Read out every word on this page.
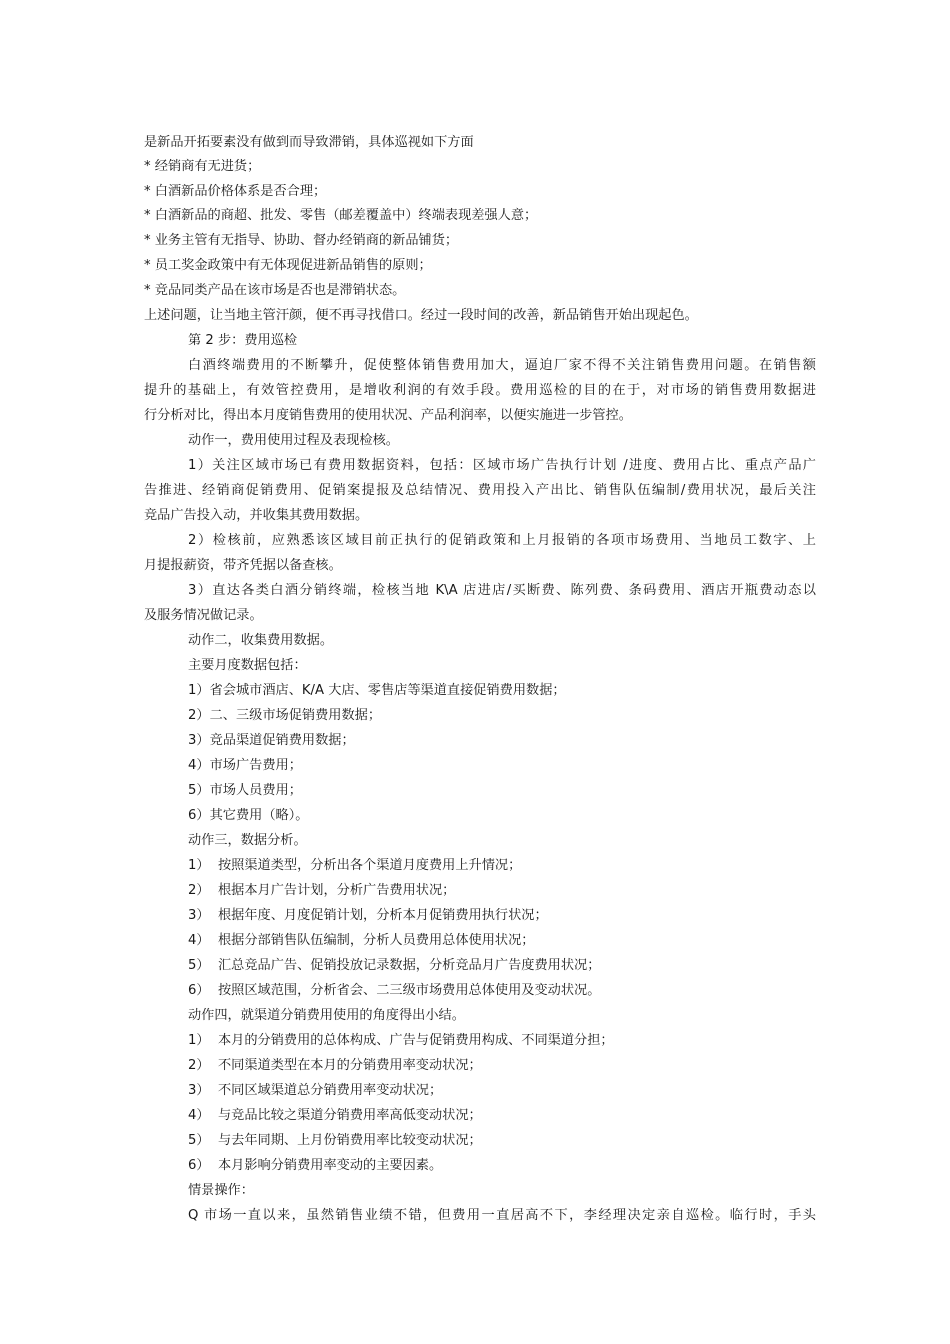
是新品开拓要素没有做到而导致滞销，具体巡视如下方面
* 经销商有无进货；
* 白酒新品价格体系是否合理；
* 白酒新品的商超、批发、零售（邮差覆盖中）终端表现差强人意；
* 业务主管有无指导、协助、督办经销商的新品铺货；
* 员工奖金政策中有无体现促进新品销售的原则；
* 竞品同类产品在该市场是否也是滞销状态。
上述问题，让当地主管汗颜，便不再寻找借口。经过一段时间的改善，新品销售开始出现起色。
第 2 步：费用巡检
白酒终端费用的不断攀升，促使整体销售费用加大，逼迫厂家不得不关注销售费用问题。在销售额
提升的基础上，有效管控费用，是增收利润的有效手段。费用巡检的目的在于，对市场的销售费用数据进
行分析对比，得出本月度销售费用的使用状况、产品利润率，以便实施进一步管控。
动作一，费用使用过程及表现检核。
1）关注区域市场已有费用数据资料，包括：区域市场广告执行计划 /进度、费用占比、重点产品广
告推进、经销商促销费用、促销案提报及总结情况、费用投入产出比、销售队伍编制/费用状况，最后关注
竞品广告投入动，并收集其费用数据。
2）检核前，应熟悉该区域目前正执行的促销政策和上月报销的各项市场费用、当地员工数字、上
月提报薪资，带齐凭据以备查核。
3）直达各类白酒分销终端，检核当地 K\A 店进店/买断费、陈列费、条码费用、酒店开瓶费动态以
及服务情况做记录。
动作二，收集费用数据。
主要月度数据包括：
1）省会城市酒店、K/A 大店、零售店等渠道直接促销费用数据；
2）二、三级市场促销费用数据；
3）竞品渠道促销费用数据；
4）市场广告费用；
5）市场人员费用；
6）其它费用（略）。
动作三，数据分析。
1） 按照渠道类型，分析出各个渠道月度费用上升情况；
2） 根据本月广告计划，分析广告费用状况；
3） 根据年度、月度促销计划，分析本月促销费用执行状况；
4） 根据分部销售队伍编制，分析人员费用总体使用状况；
5） 汇总竞品广告、促销投放记录数据，分析竞品月广告度费用状况；
6） 按照区域范围，分析省会、二三级市场费用总体使用及变动状况。
动作四，就渠道分销费用使用的角度得出小结。
1） 本月的分销费用的总体构成、广告与促销费用构成、不同渠道分担；
2） 不同渠道类型在本月的分销费用率变动状况；
3） 不同区域渠道总分销费用率变动状况；
4） 与竞品比较之渠道分销费用率高低变动状况；
5） 与去年同期、上月份销费用率比较变动状况；
6） 本月影响分销费用率变动的主要因素。
情景操作：
Q 市场一直以来，虽然销售业绩不错，但费用一直居高不下，李经理决定亲自巡检。临行时，手头
